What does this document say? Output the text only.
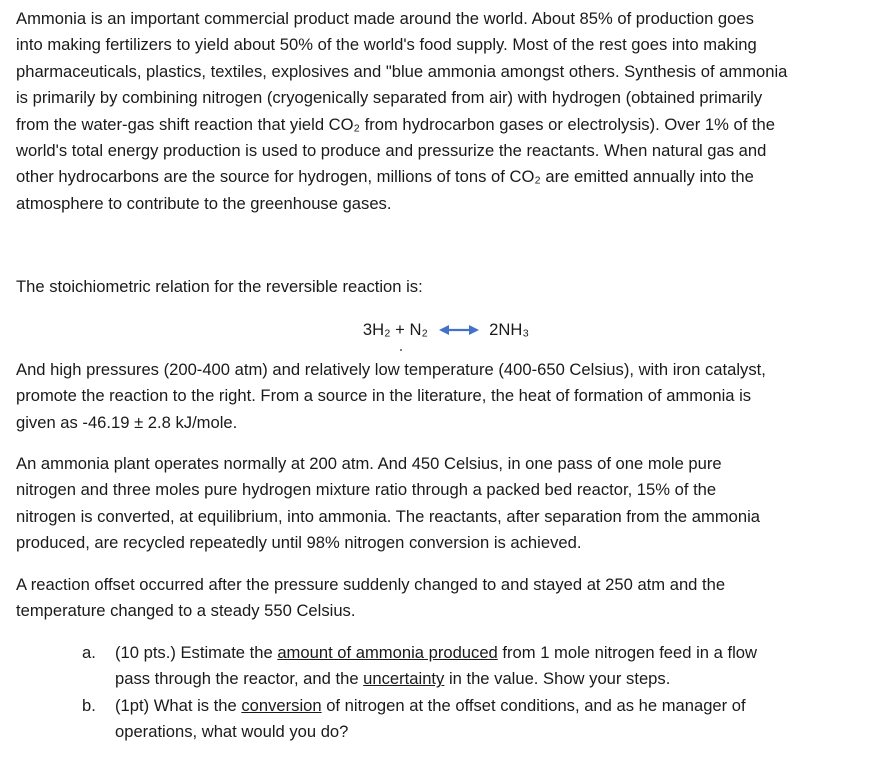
Ammonia is an important commercial product made around the world. About 85% of production goes
into making fertilizers to yield about 50% of the world's food supply. Most of the rest goes into making
pharmaceuticals, plastics, textiles, explosives and "blue ammonia amongst others. Synthesis of ammonia
is primarily by combining nitrogen (cryogenically separated from air) with hydrogen (obtained primarily
from the water-gas shift reaction that yield CO₂ from hydrocarbon gases or electrolysis). Over 1% of the
world's total energy production is used to produce and pressurize the reactants. When natural gas and
other hydrocarbons are the source for hydrogen, millions of tons of CO₂ are emitted annually into the
atmosphere to contribute to the greenhouse gases.
The stoichiometric relation for the reversible reaction is:
3H₂ + N₂	2NH₃
And high pressures (200-400 atm) and relatively low temperature (400-650 Celsius), with iron catalyst,
promote the reaction to the right. From a source in the literature, the heat of formation of ammonia is
given as -46.19 ± 2.8 kJ/mole.
An ammonia plant operates normally at 200 atm. And 450 Celsius, in one pass of one mole pure
nitrogen and three moles pure hydrogen mixture ratio through a packed bed reactor, 15% of the
nitrogen is converted, at equilibrium, into ammonia. The reactants, after separation from the ammonia
produced, are recycled repeatedly until 98% nitrogen conversion is achieved.
A reaction offset occurred after the pressure suddenly changed to and stayed at 250 atm and the
temperature changed to a steady 550 Celsius.
a. (10 pts.) Estimate the amount of ammonia produced from 1 mole nitrogen feed in a flow
pass through the reactor, and the uncertainty in the value. Show your steps.
b. (1pt) What is the conversion of nitrogen at the offset conditions, and as he manager of
operations, what would you do?
